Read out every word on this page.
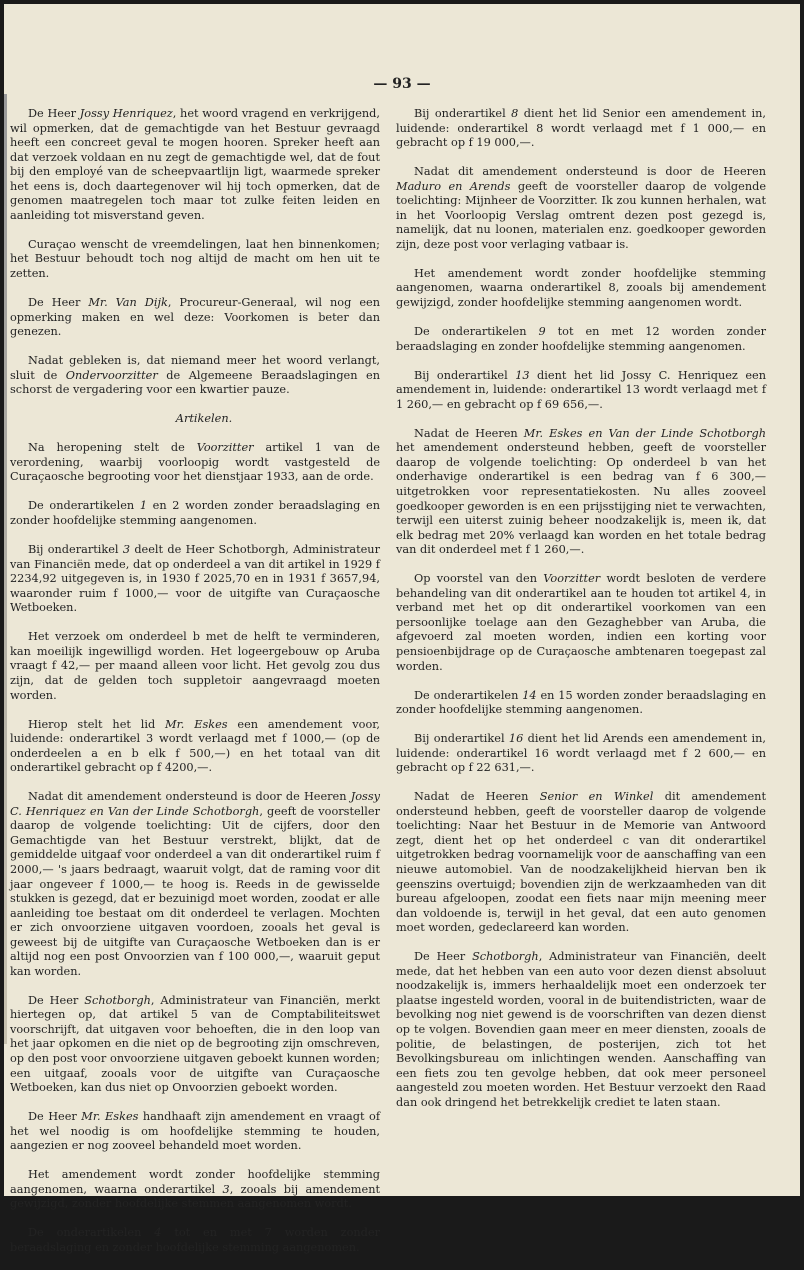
— 93 —

De Heer Jossy Henriquez, het woord vragend en verkrijgend, wil opmerken, dat de gemachtigde van het Bestuur gevraagd heeft een concreet geval te mogen hooren. Spreker heeft aan dat verzoek voldaan en nu zegt de gemachtigde wel, dat de fout bij den employé van de scheepvaartlijn ligt, waarmede spreker het eens is, doch daartegenover wil hij toch opmerken, dat de genomen maatregelen toch maar tot zulke feiten leiden en aanleiding tot misverstand geven.

Curaçao wenscht de vreemdelingen, laat hen binnenkomen; het Bestuur behoudt toch nog altijd de macht om hen uit te zetten.

De Heer Mr. Van Dijk, Procureur-Generaal, wil nog een opmerking maken en wel deze: Voorkomen is beter dan genezen.

Nadat gebleken is, dat niemand meer het woord verlangt, sluit de Ondervoorzitter de Algemeene Beraadslagingen en schorst de vergadering voor een kwartier pauze.

Artikelen.

Na heropening stelt de Voorzitter artikel 1 van de verordening, waarbij voorloopig wordt vastgesteld de Curaçaosche begrooting voor het dienstjaar 1933, aan de orde.

De onderartikelen 1 en 2 worden zonder beraadslaging en zonder hoofdelijke stemming aangenomen.

Bij onderartikel 3 deelt de Heer Schotborgh, Administrateur van Financiën mede, dat op onderdeel a van dit artikel in 1929 f 2234,92 uitgegeven is, in 1930 f 2025,70 en in 1931 f 3657,94, waaronder ruim f 1000,— voor de uitgifte van Curaçaosche Wetboeken.

Het verzoek om onderdeel b met de helft te verminderen, kan moeilijk ingewilligd worden. Het logeergebouw op Aruba vraagt f 42,— per maand alleen voor licht. Het gevolg zou dus zijn, dat de gelden toch suppletoir aangevraagd moeten worden.

Hierop stelt het lid Mr. Eskes een amendement voor, luidende: onderartikel 3 wordt verlaagd met f 1000,— (op de onderdeelen a en b elk f 500,—) en het totaal van dit onderartikel gebracht op f 4200,—.

Nadat dit amendement ondersteund is door de Heeren Jossy C. Henriquez en Van der Linde Schotborgh, geeft de voorsteller daarop de volgende toelichting: Uit de cijfers, door den Gemachtigde van het Bestuur verstrekt, blijkt, dat de gemiddelde uitgaaf voor onderdeel a van dit onderartikel ruim f 2000,— 's jaars bedraagt, waaruit volgt, dat de raming voor dit jaar ongeveer f 1000,— te hoog is. Reeds in de gewisselde stukken is gezegd, dat er bezuinigd moet worden, zoodat er alle aanleiding toe bestaat om dit onderdeel te verlagen. Mochten er zich onvoorziene uitgaven voordoen, zooals het geval is geweest bij de uitgifte van Curaçaosche Wetboeken dan is er altijd nog een post Onvoorzien van f 100 000,—, waaruit geput kan worden.

De Heer Schotborgh, Administrateur van Financiën, merkt hiertegen op, dat artikel 5 van de Comptabiliteitswet voorschrijft, dat uitgaven voor behoeften, die in den loop van het jaar opkomen en die niet op de begrooting zijn omschreven, op den post voor onvoorziene uitgaven geboekt kunnen worden; een uitgaaf, zooals voor de uitgifte van Curaçaosche Wetboeken, kan dus niet op Onvoorzien geboekt worden.

De Heer Mr. Eskes handhaaft zijn amendement en vraagt of het wel noodig is om hoofdelijke stemming te houden, aangezien er nog zooveel behandeld moet worden.

Het amendement wordt zonder hoofdelijke stemming aangenomen, waarna onderartikel 3, zooals bij amendement gewijzigd, zonder hoofdelijke stemmen aangenomen wordt.

De onderartikelen 4 tot en met 7 worden zonder beraadslaging en zonder hoofdelijke stemming aangenomen.

Bij onderartikel 8 dient het lid Senior een amendement in, luidende: onderartikel 8 wordt verlaagd met f 1 000,— en gebracht op f 19 000,—.

Nadat dit amendement ondersteund is door de Heeren Maduro en Arends geeft de voorsteller daarop de volgende toelichting: Mijnheer de Voorzitter. Ik zou kunnen herhalen, wat in het Voorloopig Verslag omtrent dezen post gezegd is, namelijk, dat nu loonen, materialen enz. goedkooper geworden zijn, deze post voor verlaging vatbaar is.

Het amendement wordt zonder hoofdelijke stemming aangenomen, waarna onderartikel 8, zooals bij amendement gewijzigd, zonder hoofdelijke stemming aangenomen wordt.

De onderartikelen 9 tot en met 12 worden zonder beraadslaging en zonder hoofdelijke stemming aangenomen.

Bij onderartikel 13 dient het lid Jossy C. Henriquez een amendement in, luidende: onderartikel 13 wordt verlaagd met f 1 260,— en gebracht op f 69 656,—.

Nadat de Heeren Mr. Eskes en Van der Linde Schotborgh het amendement ondersteund hebben, geeft de voorsteller daarop de volgende toelichting: Op onderdeel b van het onderhavige onderartikel is een bedrag van f 6 300,— uitgetrokken voor representatiekosten. Nu alles zooveel goedkooper geworden is en een prijsstijging niet te verwachten, terwijl een uiterst zuinig beheer noodzakelijk is, meen ik, dat elk bedrag met 20% verlaagd kan worden en het totale bedrag van dit onderdeel met f 1 260,—.

Op voorstel van den Voorzitter wordt besloten de verdere behandeling van dit onderartikel aan te houden tot artikel 4, in verband met het op dit onderartikel voorkomen van een persoonlijke toelage aan den Gezaghebber van Aruba, die afgevoerd zal moeten worden, indien een korting voor pensioenbijdrage op de Curaçaosche ambtenaren toegepast zal worden.

De onderartikelen 14 en 15 worden zonder beraadslaging en zonder hoofdelijke stemming aangenomen.

Bij onderartikel 16 dient het lid Arends een amendement in, luidende: onderartikel 16 wordt verlaagd met f 2 600,— en gebracht op f 22 631,—.

Nadat de Heeren Senior en Winkel dit amendement ondersteund hebben, geeft de voorsteller daarop de volgende toelichting: Naar het Bestuur in de Memorie van Antwoord zegt, dient het op het onderdeel c van dit onderartikel uitgetrokken bedrag voornamelijk voor de aanschaffing van een nieuwe automobiel. Van de noodzakelijkheid hiervan ben ik geenszins overtuigd; bovendien zijn de werkzaamheden van dit bureau afgeloopen, zoodat een fiets naar mijn meening meer dan voldoende is, terwijl in het geval, dat een auto genomen moet worden, gedeclareerd kan worden.

De Heer Schotborgh, Administrateur van Financiën, deelt mede, dat het hebben van een auto voor dezen dienst absoluut noodzakelijk is, immers herhaaldelijk moet een onderzoek ter plaatse ingesteld worden, vooral in de buitendistricten, waar de bevolking nog niet gewend is de voorschriften van dezen dienst op te volgen. Bovendien gaan meer en meer diensten, zooals de politie, de belastingen, de posterijen, zich tot het Bevolkingsbureau om inlichtingen wenden. Aanschaffing van een fiets zou ten gevolge hebben, dat ook meer personeel aangesteld zou moeten worden. Het Bestuur verzoekt den Raad dan ook dringend het betrekkelijk crediet te laten staan.
